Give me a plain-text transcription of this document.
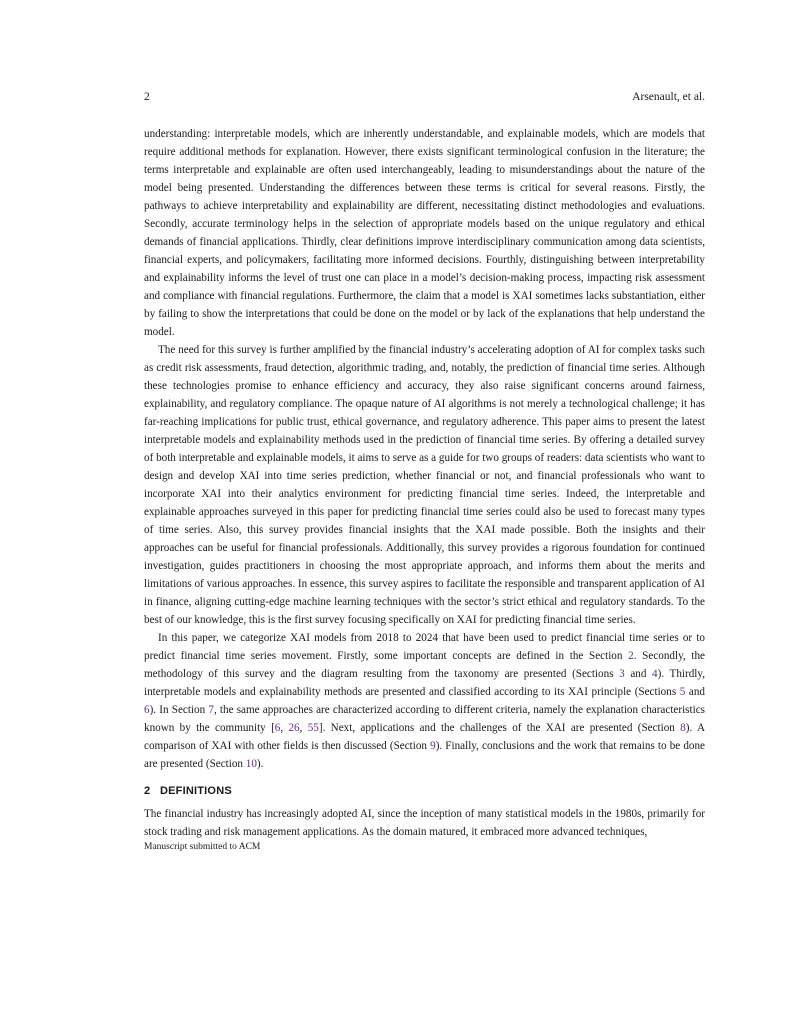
2	Arsenault, et al.

understanding: interpretable models, which are inherently understandable, and explainable models, which are models that require additional methods for explanation. However, there exists significant terminological confusion in the literature; the terms interpretable and explainable are often used interchangeably, leading to misunderstandings about the nature of the model being presented. Understanding the differences between these terms is critical for several reasons. Firstly, the pathways to achieve interpretability and explainability are different, necessitating distinct methodologies and evaluations. Secondly, accurate terminology helps in the selection of appropriate models based on the unique regulatory and ethical demands of financial applications. Thirdly, clear definitions improve interdisciplinary communication among data scientists, financial experts, and policymakers, facilitating more informed decisions. Fourthly, distinguishing between interpretability and explainability informs the level of trust one can place in a model’s decision-making process, impacting risk assessment and compliance with financial regulations. Furthermore, the claim that a model is XAI sometimes lacks substantiation, either by failing to show the interpretations that could be done on the model or by lack of the explanations that help understand the model.

The need for this survey is further amplified by the financial industry’s accelerating adoption of AI for complex tasks such as credit risk assessments, fraud detection, algorithmic trading, and, notably, the prediction of financial time series. Although these technologies promise to enhance efficiency and accuracy, they also raise significant concerns around fairness, explainability, and regulatory compliance. The opaque nature of AI algorithms is not merely a technological challenge; it has far-reaching implications for public trust, ethical governance, and regulatory adherence. This paper aims to present the latest interpretable models and explainability methods used in the prediction of financial time series. By offering a detailed survey of both interpretable and explainable models, it aims to serve as a guide for two groups of readers: data scientists who want to design and develop XAI into time series prediction, whether financial or not, and financial professionals who want to incorporate XAI into their analytics environment for predicting financial time series. Indeed, the interpretable and explainable approaches surveyed in this paper for predicting financial time series could also be used to forecast many types of time series. Also, this survey provides financial insights that the XAI made possible. Both the insights and their approaches can be useful for financial professionals. Additionally, this survey provides a rigorous foundation for continued investigation, guides practitioners in choosing the most appropriate approach, and informs them about the merits and limitations of various approaches. In essence, this survey aspires to facilitate the responsible and transparent application of AI in finance, aligning cutting-edge machine learning techniques with the sector’s strict ethical and regulatory standards. To the best of our knowledge, this is the first survey focusing specifically on XAI for predicting financial time series.

In this paper, we categorize XAI models from 2018 to 2024 that have been used to predict financial time series or to predict financial time series movement. Firstly, some important concepts are defined in the Section 2. Secondly, the methodology of this survey and the diagram resulting from the taxonomy are presented (Sections 3 and 4). Thirdly, interpretable models and explainability methods are presented and classified according to its XAI principle (Sections 5 and 6). In Section 7, the same approaches are characterized according to different criteria, namely the explanation characteristics known by the community [6, 26, 55]. Next, applications and the challenges of the XAI are presented (Section 8). A comparison of XAI with other fields is then discussed (Section 9). Finally, conclusions and the work that remains to be done are presented (Section 10).

2 DEFINITIONS

The financial industry has increasingly adopted AI, since the inception of many statistical models in the 1980s, primarily for stock trading and risk management applications. As the domain matured, it embraced more advanced techniques,

Manuscript submitted to ACM
